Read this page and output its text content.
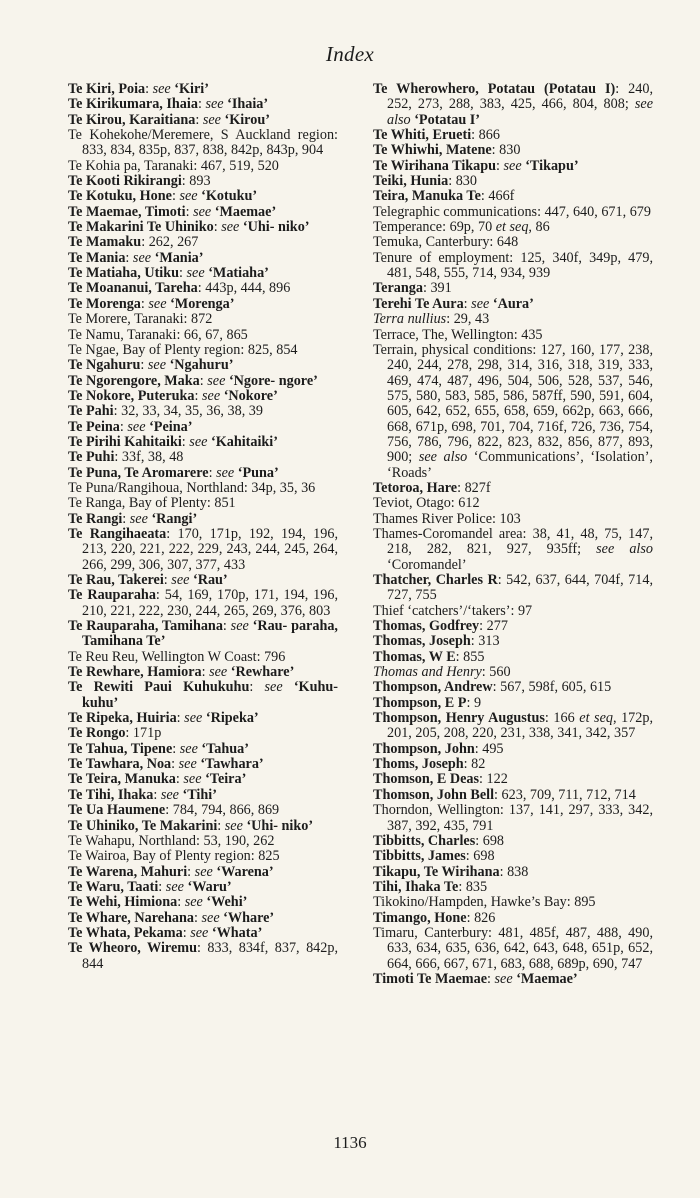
Index
Te Kiri, Poia: see ‘Kiri’
Te Kirikumara, Ihaia: see ‘Ihaia’
Te Kirou, Karaitiana: see ‘Kirou’
Te Kohekohe/Meremere, S Auckland region: 833, 834, 835p, 837, 838, 842p, 843p, 904
Te Kohia pa, Taranaki: 467, 519, 520
Te Kooti Rikirangi: 893
Te Kotuku, Hone: see ‘Kotuku’
Te Maemae, Timoti: see ‘Maemae’
Te Makarini Te Uhiniko: see ‘Uhi- niko’
Te Mamaku: 262, 267
Te Mania: see ‘Mania’
Te Matiaha, Utiku: see ‘Matiaha’
Te Moananui, Tareha: 443p, 444, 896
Te Morenga: see ‘Morenga’
Te Morere, Taranaki: 872
Te Namu, Taranaki: 66, 67, 865
Te Ngae, Bay of Plenty region: 825, 854
Te Ngahuru: see ‘Ngahuru’
Te Ngorengore, Maka: see ‘Ngore- ngore’
Te Nokore, Puteruka: see ‘Nokore’
Te Pahi: 32, 33, 34, 35, 36, 38, 39
Te Peina: see ‘Peina’
Te Pirihi Kahitaiki: see ‘Kahitaiki’
Te Puhi: 33f, 38, 48
Te Puna, Te Aromarere: see ‘Puna’
Te Puna/Rangihoua, Northland: 34p, 35, 36
Te Ranga, Bay of Plenty: 851
Te Rangi: see ‘Rangi’
Te Rangihaeata: 170, 171p, 192, 194, 196, 213, 220, 221, 222, 229, 243, 244, 245, 264, 266, 299, 306, 307, 377, 433
Te Rau, Takerei: see ‘Rau’
Te Rauparaha: 54, 169, 170p, 171, 194, 196, 210, 221, 222, 230, 244, 265, 269, 376, 803
Te Rauparaha, Tamihana: see ‘Rau- paraha, Tamihana Te’
Te Reu Reu, Wellington W Coast: 796
Te Rewhare, Hamiora: see ‘Rewhare’
Te Rewiti Paui Kuhukuhu: see ‘Kuhu- kuhu’
Te Ripeka, Huiria: see ‘Ripeka’
Te Rongo: 171p
Te Tahua, Tipene: see ‘Tahua’
Te Tawhara, Noa: see ‘Tawhara’
Te Teira, Manuka: see ‘Teira’
Te Tihi, Ihaka: see ‘Tihi’
Te Ua Haumene: 784, 794, 866, 869
Te Uhiniko, Te Makarini: see ‘Uhi- niko’
Te Wahapu, Northland: 53, 190, 262
Te Wairoa, Bay of Plenty region: 825
Te Warena, Mahuri: see ‘Warena’
Te Waru, Taati: see ‘Waru’
Te Wehi, Himiona: see ‘Wehi’
Te Whare, Narehana: see ‘Whare’
Te Whata, Pekama: see ‘Whata’
Te Wheoro, Wiremu: 833, 834f, 837, 842p, 844
Te Wherowhero, Potatau (Potatau I): 240, 252, 273, 288, 383, 425, 466, 804, 808; see also ‘Potatau I’
Te Whiti, Erueti: 866
Te Whiwhi, Matene: 830
Te Wirihana Tikapu: see ‘Tikapu’
Teiki, Hunia: 830
Teira, Manuka Te: 466f
Telegraphic communications: 447, 640, 671, 679
Temperance: 69p, 70 et seq, 86
Temuka, Canterbury: 648
Tenure of employment: 125, 340f, 349p, 479, 481, 548, 555, 714, 934, 939
Teranga: 391
Terehi Te Aura: see ‘Aura’
Terra nullius: 29, 43
Terrace, The, Wellington: 435
Terrain, physical conditions: 127, 160, 177, 238, 240, 244, 278, 298, 314, 316, 318, 319, 333, 469, 474, 487, 496, 504, 506, 528, 537, 546, 575, 580, 583, 585, 586, 587ff, 590, 591, 604, 605, 642, 652, 655, 658, 659, 662p, 663, 666, 668, 671p, 698, 701, 704, 716f, 726, 736, 754, 756, 786, 796, 822, 823, 832, 856, 877, 893, 900; see also ‘Communications’, ‘Isolation’, ‘Roads’
Tetoroa, Hare: 827f
Teviot, Otago: 612
Thames River Police: 103
Thames-Coromandel area: 38, 41, 48, 75, 147, 218, 282, 821, 927, 935ff; see also ‘Coromandel’
Thatcher, Charles R: 542, 637, 644, 704f, 714, 727, 755
Thief ‘catchers’/‘takers’: 97
Thomas, Godfrey: 277
Thomas, Joseph: 313
Thomas, W E: 855
Thomas and Henry: 560
Thompson, Andrew: 567, 598f, 605, 615
Thompson, E P: 9
Thompson, Henry Augustus: 166 et seq, 172p, 201, 205, 208, 220, 231, 338, 341, 342, 357
Thompson, John: 495
Thoms, Joseph: 82
Thomson, E Deas: 122
Thomson, John Bell: 623, 709, 711, 712, 714
Thorndon, Wellington: 137, 141, 297, 333, 342, 387, 392, 435, 791
Tibbitts, Charles: 698
Tibbitts, James: 698
Tikapu, Te Wirihana: 838
Tihi, Ihaka Te: 835
Tikokino/Hampden, Hawke’s Bay: 895
Timango, Hone: 826
Timaru, Canterbury: 481, 485f, 487, 488, 490, 633, 634, 635, 636, 642, 643, 648, 651p, 652, 664, 666, 667, 671, 683, 688, 689p, 690, 747
Timoti Te Maemae: see ‘Maemae’
1136
